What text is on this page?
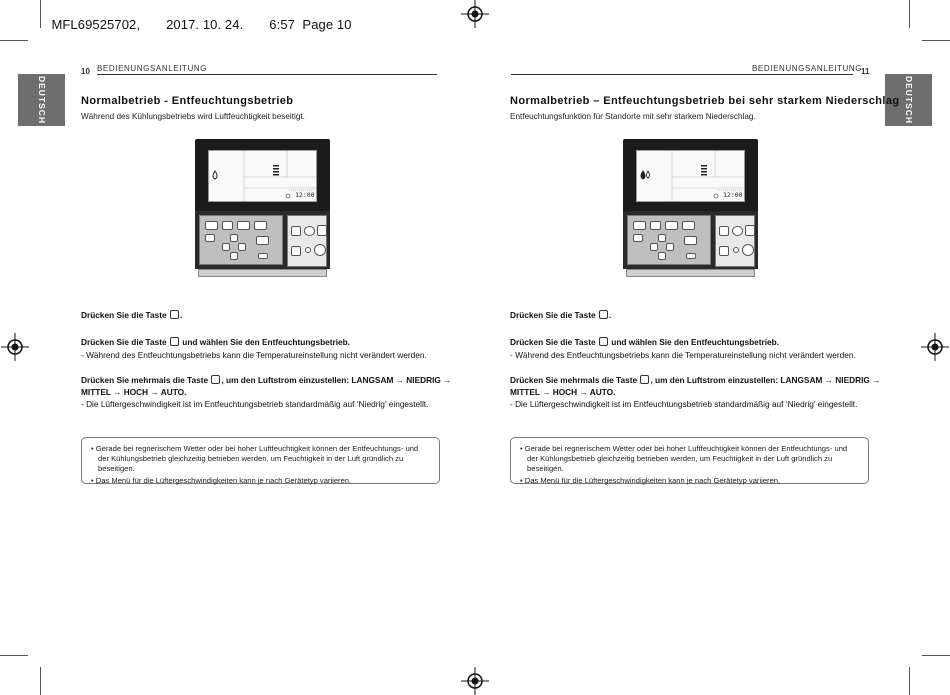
MFL69525702, 2017. 10. 24. 6:57  Page 10

DEUTSCH
10 BEDIENUNGSANLEITUNG
Normalbetrieb - Entfeuchtungsbetrieb
Während des Kühlungsbetriebs wird Luftfeuchtigkeit beseitigt.
12:00
Drücken Sie die Taste .
Drücken Sie die Taste und wählen Sie den Entfeuchtungsbetrieb.
- Während des Entfeuchtungsbetriebs kann die Temperatureinstellung nicht verändert werden.
Drücken Sie mehrmals die Taste , um den Luftstrom einzustellen: LANGSAM → NIEDRIG →
MITTEL → HOCH → AUTO.
- Die Lüftergeschwindigkeit ist im Entfeuchtungsbetrieb standardmäßig auf ‘Niedrig’ eingestellt.

• Gerade bei regnerischem Wetter oder bei hoher Luftfeuchtigkeit können der Entfeuchtungs- und der Kühlungsbetrieb gleichzeitig betrieben werden, um Feuchtigkeit in der Luft gründlich zu beseitigen.

• Das Menü für die Lüftergeschwindigkeiten kann je nach Gerätetyp variieren.

DEUTSCH
11
BEDIENUNGSANLEITUNG
Normalbetrieb – Entfeuchtungsbetrieb bei sehr starkem Niederschlag
Entfeuchtungsfunktion für Standorte mit sehr starkem Niederschlag.
12:00
Drücken Sie die Taste .
Drücken Sie die Taste und wählen Sie den Entfeuchtungsbetrieb.
- Während des Entfeuchtungsbetriebs kann die Temperatureinstellung nicht verändert werden.
Drücken Sie mehrmals die Taste , um den Luftstrom einzustellen: LANGSAM → NIEDRIG →
MITTEL → HOCH → AUTO.
- Die Lüftergeschwindigkeit ist im Entfeuchtungsbetrieb standardmäßig auf ‘Niedrig’ eingestellt.

• Gerade bei regnerischem Wetter oder bei hoher Luftfeuchtigkeit können der Entfeuchtungs- und der Kühlungsbetrieb gleichzeitig betrieben werden, um Feuchtigkeit in der Luft gründlich zu beseitigen.

• Das Menü für die Lüftergeschwindigkeiten kann je nach Gerätetyp variieren.
